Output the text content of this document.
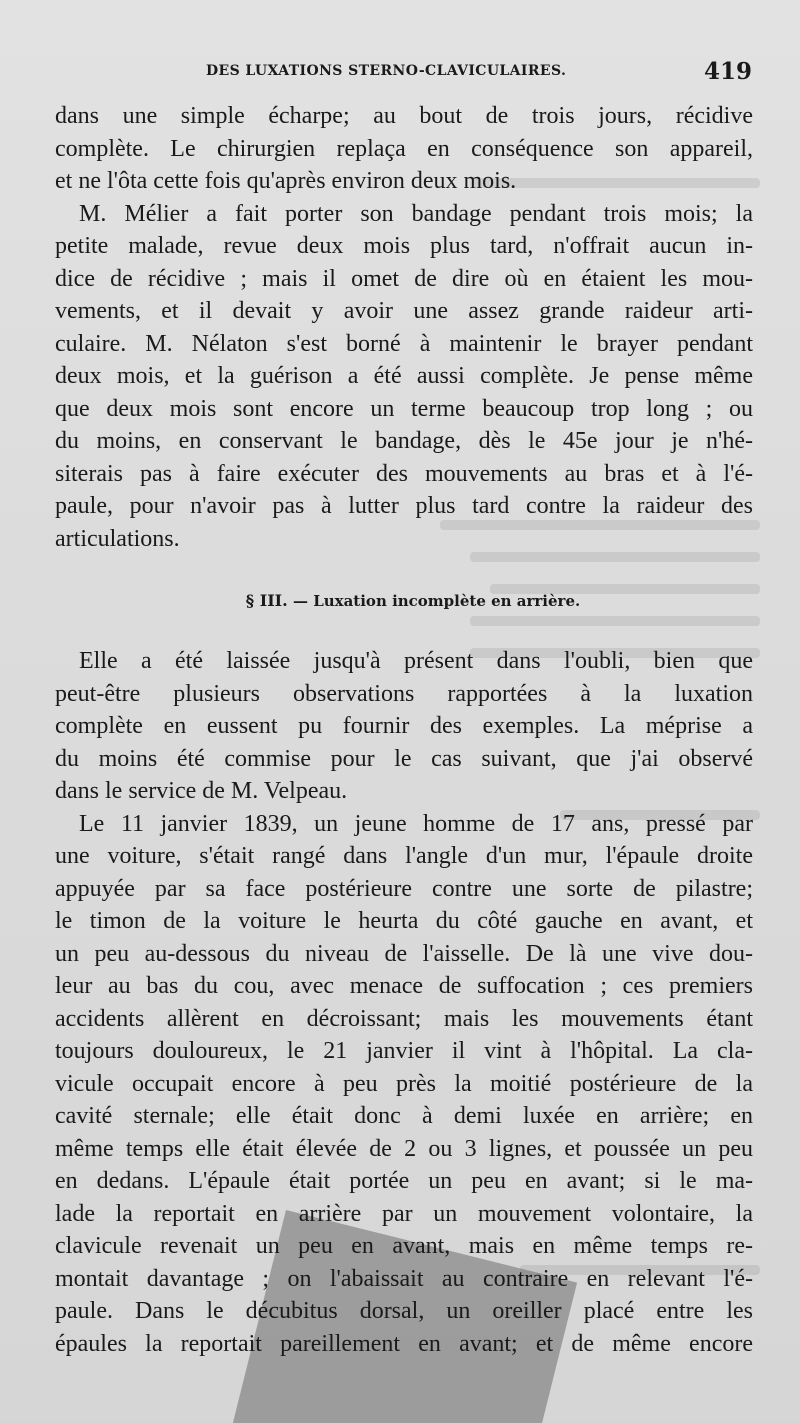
DES LUXATIONS STERNO-CLAVICULAIRES.	419
dans une simple écharpe; au bout de trois jours, récidive
complète. Le chirurgien replaça en conséquence son appareil,
et ne l'ôta cette fois qu'après environ deux mois.
M. Mélier a fait porter son bandage pendant trois mois; la
petite malade, revue deux mois plus tard, n'offrait aucun in-
dice de récidive ; mais il omet de dire où en étaient les mou-
vements, et il devait y avoir une assez grande raideur arti-
culaire. M. Nélaton s'est borné à maintenir le brayer pendant
deux mois, et la guérison a été aussi complète. Je pense même
que deux mois sont encore un terme beaucoup trop long ; ou
du moins, en conservant le bandage, dès le 45e jour je n'hé-
siterais pas à faire exécuter des mouvements au bras et à l'é-
paule, pour n'avoir pas à lutter plus tard contre la raideur des
articulations.
§ III. — Luxation incomplète en arrière.
Elle a été laissée jusqu'à présent dans l'oubli, bien que
peut-être plusieurs observations rapportées à la luxation
complète en eussent pu fournir des exemples. La méprise a
du moins été commise pour le cas suivant, que j'ai observé
dans le service de M. Velpeau.
Le 11 janvier 1839, un jeune homme de 17 ans, pressé par
une voiture, s'était rangé dans l'angle d'un mur, l'épaule droite
appuyée par sa face postérieure contre une sorte de pilastre;
le timon de la voiture le heurta du côté gauche en avant, et
un peu au-dessous du niveau de l'aisselle. De là une vive dou-
leur au bas du cou, avec menace de suffocation ; ces premiers
accidents allèrent en décroissant; mais les mouvements étant
toujours douloureux, le 21 janvier il vint à l'hôpital. La cla-
vicule occupait encore à peu près la moitié postérieure de la
cavité sternale; elle était donc à demi luxée en arrière; en
même temps elle était élevée de 2 ou 3 lignes, et poussée un peu
en dedans. L'épaule était portée un peu en avant; si le ma-
lade la reportait en arrière par un mouvement volontaire, la
clavicule revenait un peu en avant, mais en même temps re-
montait davantage ; on l'abaissait au contraire en relevant l'é-
paule. Dans le décubitus dorsal, un oreiller placé entre les
épaules la reportait pareillement en avant; et de même encore
